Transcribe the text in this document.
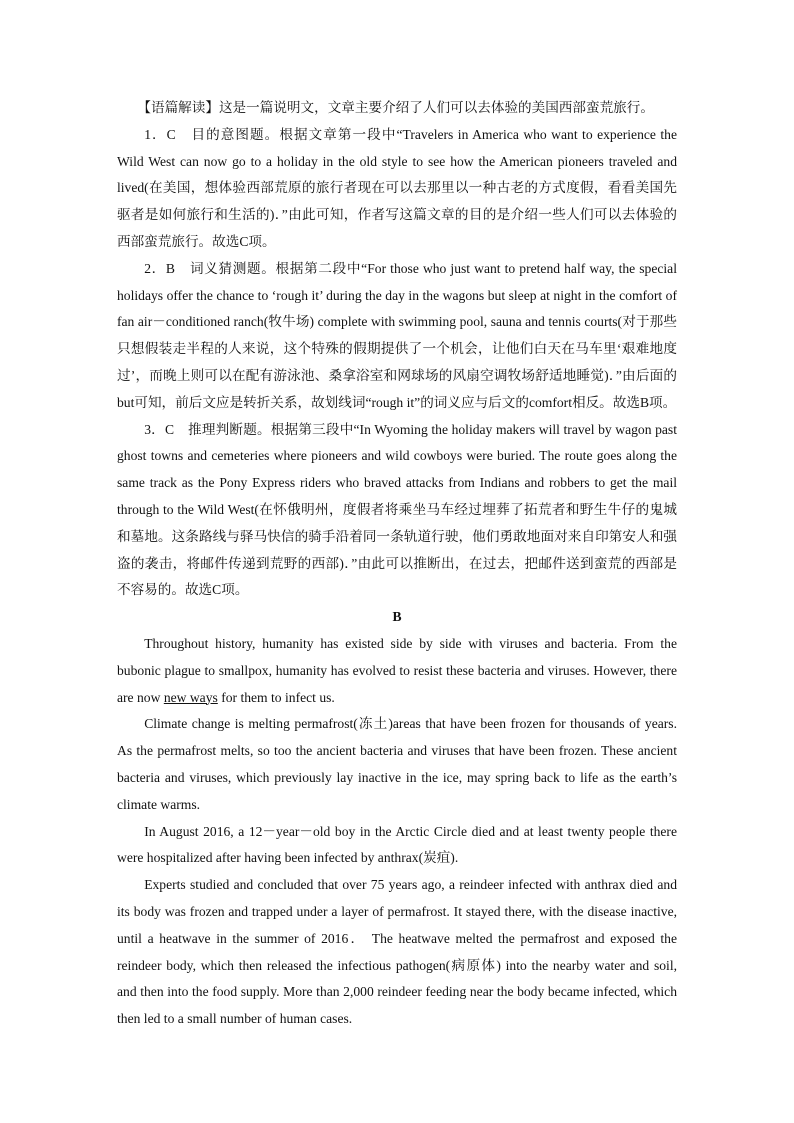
【语篇解读】这是一篇说明文，文章主要介绍了人们可以去体验的美国西部蛮荒旅行。

1．C　目的意图题。根据文章第一段中“Travelers in America who want to experience the Wild West can now go to a holiday in the old style to see how the American pioneers traveled and lived(在美国，想体验西部荒原的旅行者现在可以去那里以一种古老的方式度假，看看美国先驱者是如何旅行和生活的)．”由此可知，作者写这篇文章的目的是介绍一些人们可以去体验的西部蛮荒旅行。故选C项。

2．B　词义猜测题。根据第二段中“For those who just want to pretend half way, the special holidays offer the chance to ‘rough it’ during the day in the wagons but sleep at night in the comfort of fan air－conditioned ranch(牧牛场) complete with swimming pool, sauna and tennis courts(对于那些只想假装走半程的人来说，这个特殊的假期提供了一个机会，让他们白天在马车里‘艰难地度过’，而晚上则可以在配有游泳池、桑拿浴室和网球场的风扇空调牧场舒适地睡觉)．”由后面的but可知，前后文应是转折关系，故划线词“rough it”的词义应与后文的comfort相反。故选B项。

3．C　推理判断题。根据第三段中“In Wyoming the holiday makers will travel by wagon past ghost towns and cemeteries where pioneers and wild cowboys were buried. The route goes along the same track as the Pony Express riders who braved attacks from Indians and robbers to get the mail through to the Wild West(在怀俄明州，度假者将乘坐马车经过埋葬了拓荒者和野生牛仔的鬼城和墓地。这条路线与驿马快信的骑手沿着同一条轨道行驶，他们勇敢地面对来自印第安人和强盗的袭击，将邮件传递到荒野的西部)．”由此可以推断出，在过去，把邮件送到蛮荒的西部是不容易的。故选C项。

B

Throughout history, humanity has existed side by side with viruses and bacteria. From the bubonic plague to smallpox, humanity has evolved to resist these bacteria and viruses. However, there are now new ways for them to infect us.

Climate change is melting permafrost(冻土)areas that have been frozen for thousands of years. As the permafrost melts, so too the ancient bacteria and viruses that have been frozen. These ancient bacteria and viruses, which previously lay inactive in the ice, may spring back to life as the earth’s climate warms.

In August 2016, a 12－year－old boy in the Arctic Circle died and at least twenty people there were hospitalized after having been infected by anthrax(炭疽).

Experts studied and concluded that over 75 years ago, a reindeer infected with anthrax died and its body was frozen and trapped under a layer of permafrost. It stayed there, with the disease inactive, until a heatwave in the summer of 2016． The heatwave melted the permafrost and exposed the reindeer body, which then released the infectious pathogen(病原体) into the nearby water and soil, and then into the food supply. More than 2,000 reindeer feeding near the body became infected, which then led to a small number of human cases.
